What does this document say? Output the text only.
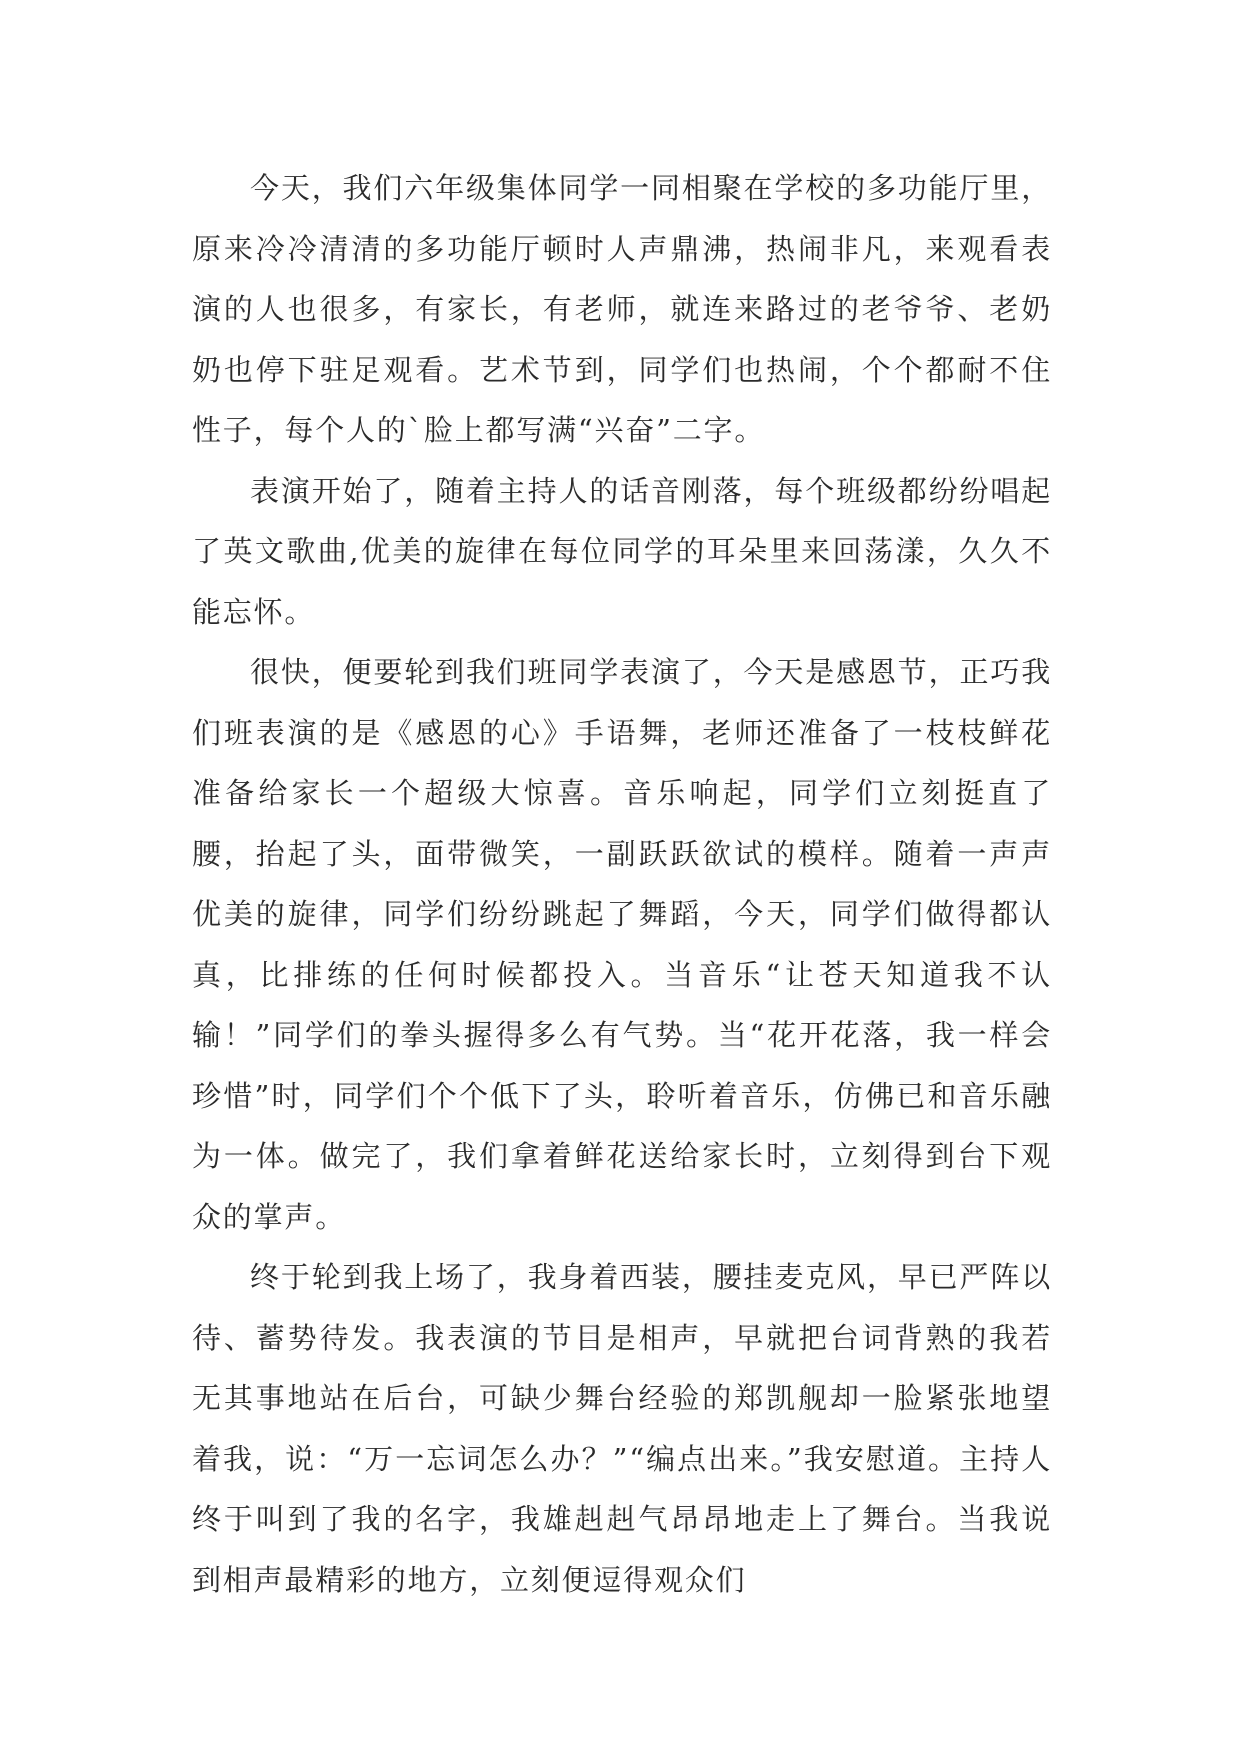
今天，我们六年级集体同学一同相聚在学校的多功能厅里，原来冷冷清清的多功能厅顿时人声鼎沸，热闹非凡，来观看表演的人也很多，有家长，有老师，就连来路过的老爷爷、老奶奶也停下驻足观看。艺术节到，同学们也热闹，个个都耐不住性子，每个人的`脸上都写满“兴奋”二字。

表演开始了，随着主持人的话音刚落，每个班级都纷纷唱起了英文歌曲,优美的旋律在每位同学的耳朵里来回荡漾，久久不能忘怀。

很快，便要轮到我们班同学表演了，今天是感恩节，正巧我们班表演的是《感恩的心》手语舞，老师还准备了一枝枝鲜花准备给家长一个超级大惊喜。音乐响起，同学们立刻挺直了腰，抬起了头，面带微笑，一副跃跃欲试的模样。随着一声声优美的旋律，同学们纷纷跳起了舞蹈，今天，同学们做得都认真，比排练的任何时候都投入。当音乐“让苍天知道我不认输！”同学们的拳头握得多么有气势。当“花开花落，我一样会珍惜”时，同学们个个低下了头，聆听着音乐，仿佛已和音乐融为一体。做完了，我们拿着鲜花送给家长时，立刻得到台下观众的掌声。

终于轮到我上场了，我身着西装，腰挂麦克风，早已严阵以待、蓄势待发。我表演的节目是相声，早就把台词背熟的我若无其事地站在后台，可缺少舞台经验的郑凯舰却一脸紧张地望着我，说：“万一忘词怎么办？”“编点出来。”我安慰道。主持人终于叫到了我的名字，我雄赳赳气昂昂地走上了舞台。当我说到相声最精彩的地方，立刻便逗得观众们
